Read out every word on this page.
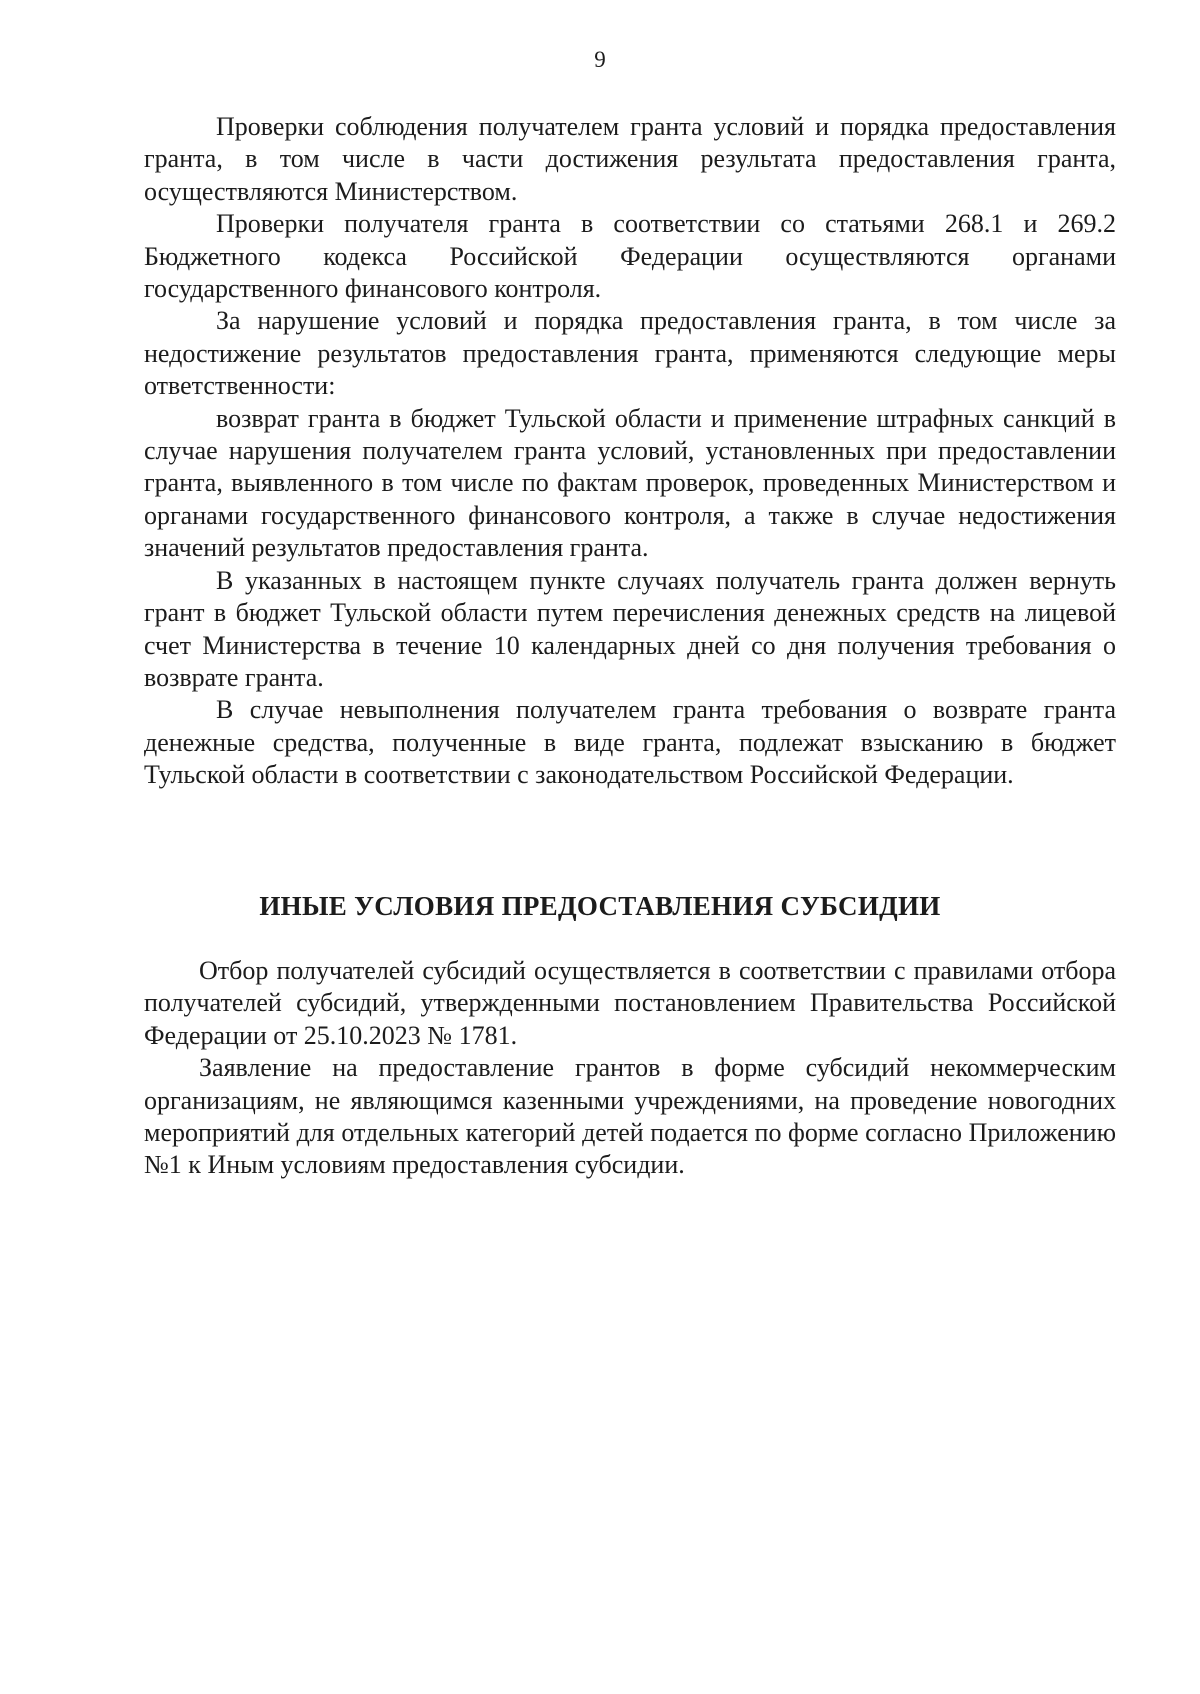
9

Проверки соблюдения получателем гранта условий и порядка предоставления гранта, в том числе в части достижения результата предоставления гранта, осуществляются Министерством.

Проверки получателя гранта в соответствии со статьями 268.1 и 269.2 Бюджетного кодекса Российской Федерации осуществляются органами государственного финансового контроля.

За нарушение условий и порядка предоставления гранта, в том числе за недостижение результатов предоставления гранта, применяются следующие меры ответственности:

возврат гранта в бюджет Тульской области и применение штрафных санкций в случае нарушения получателем гранта условий, установленных при предоставлении гранта, выявленного в том числе по фактам проверок, проведенных Министерством и органами государственного финансового контроля, а также в случае недостижения значений результатов предоставления гранта.

В указанных в настоящем пункте случаях получатель гранта должен вернуть грант в бюджет Тульской области путем перечисления денежных средств на лицевой счет Министерства в течение 10 календарных дней со дня получения требования о возврате гранта.

В случае невыполнения получателем гранта требования о возврате гранта денежные средства, полученные в виде гранта, подлежат взысканию в бюджет Тульской области в соответствии с законодательством Российской Федерации.

ИНЫЕ УСЛОВИЯ ПРЕДОСТАВЛЕНИЯ СУБСИДИИ

Отбор получателей субсидий осуществляется в соответствии с правилами отбора получателей субсидий, утвержденными постановлением Правительства Российской Федерации от 25.10.2023 № 1781.

Заявление на предоставление грантов в форме субсидий некоммерческим организациям, не являющимся казенными учреждениями, на проведение новогодних мероприятий для отдельных категорий детей подается по форме согласно Приложению №1 к Иным условиям предоставления субсидии.
